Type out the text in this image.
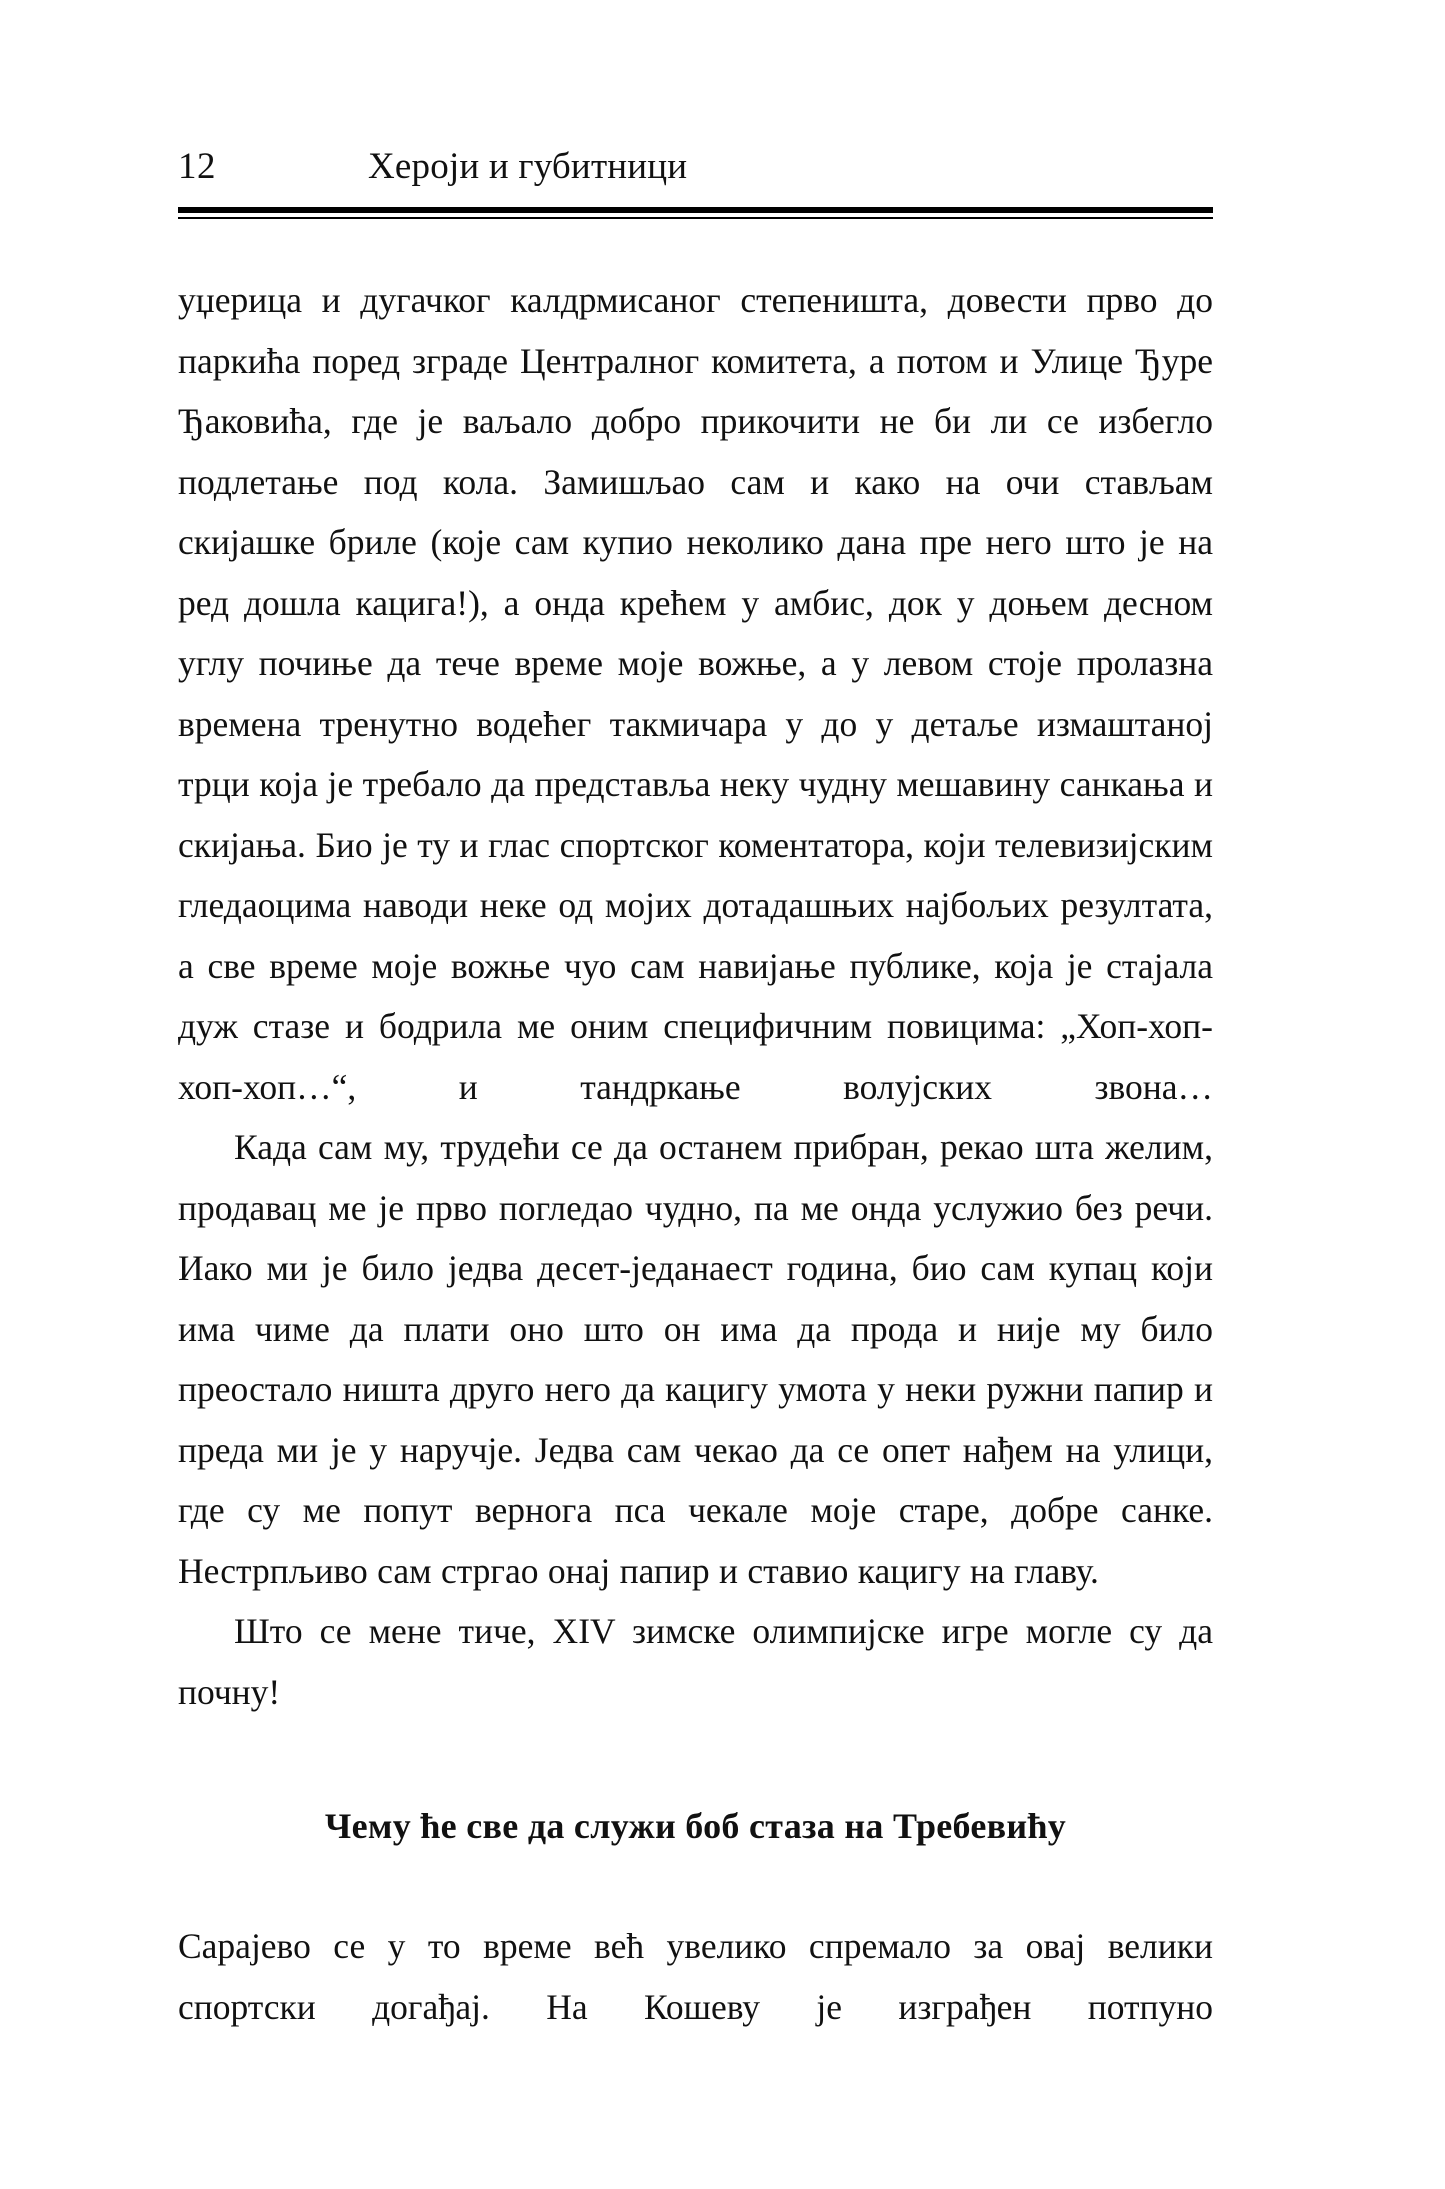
12	Хероји и губитници

уџерица и дугачког калдрмисаног степеништа, довести прво до паркића поред зграде Централног комитета, а потом и Улице Ђуре Ђаковића, где је ваљало добро прикочити не би ли се избегло подлетање под кола. Замишљао сам и како на очи стављам скијашке бриле (које сам купио неколико дана пре него што је на ред дошла кацига!), а онда крећем у амбис, док у доњем десном углу почиње да тече време моје вожње, а у левом стоје пролазна времена тренутно водећег такмичара у до у детаље измаштаној трци која је требало да представља неку чудну мешавину санкања и скијања. Био је ту и глас спортског коментатора, који телевизијским гледаоцима наводи неке од мојих дотадашњих најбољих резултата, а све време моје вожње чуо сам навијање публике, која је стајала дуж стазе и бодрила ме оним специфичним повицима: „Хоп-хоп-хоп-хоп…“, и тандркање волујских звона…

Када сам му, трудећи се да останем прибран, рекао шта желим, продавац ме је прво погледао чудно, па ме онда услужио без речи. Иако ми је било једва десет-једанаест година, био сам купац који има чиме да плати оно што он има да прода и није му било преостало ништа друго него да кацигу умота у неки ружни папир и преда ми је у наручје. Једва сам чекао да се опет нађем на улици, где су ме попут вернога пса чекале моје старе, добре санке. Нестрпљиво сам стргао онај папир и ставио кацигу на главу.

Што се мене тиче, XIV зимске олимпијске игре могле су да почну!

Чему ће све да служи боб стаза на Требевићу

Сарајево се у то време већ увелико спремало за овај велики спортски догађај. На Кошеву је изграђен потпуно
